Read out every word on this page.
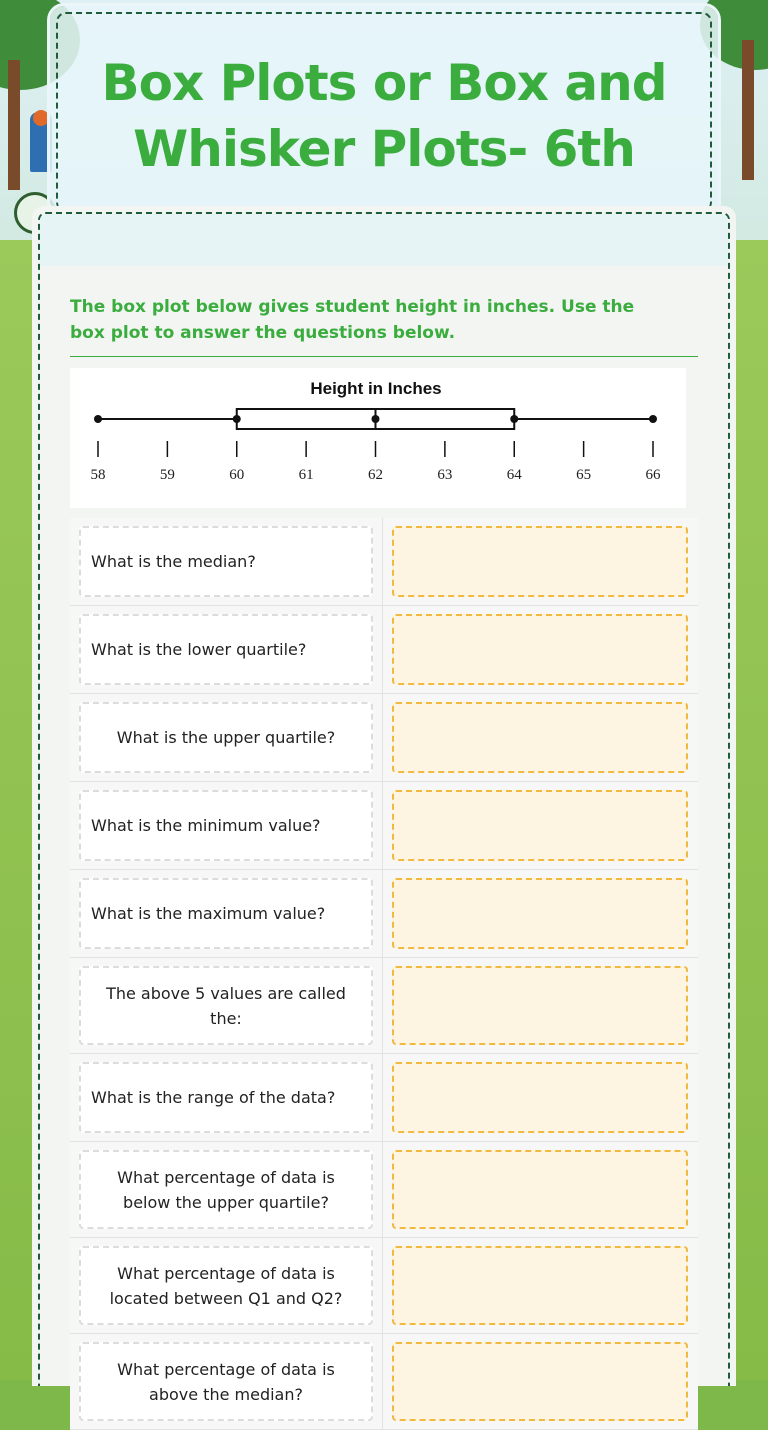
Box Plots or Box and
Whisker Plots- 6th
The box plot below gives student height in inches. Use the box plot to answer the questions below.
Height in Inches
58	59	60	61	62	63	64	65	66
What is the median?
What is the lower quartile?
What is the upper quartile?
What is the minimum value?
What is the maximum value?
The above 5 values are called the:
What is the range of the data?
What percentage of data is below the upper quartile?
What percentage of data is located between Q1 and Q2?
What percentage of data is above the median?
